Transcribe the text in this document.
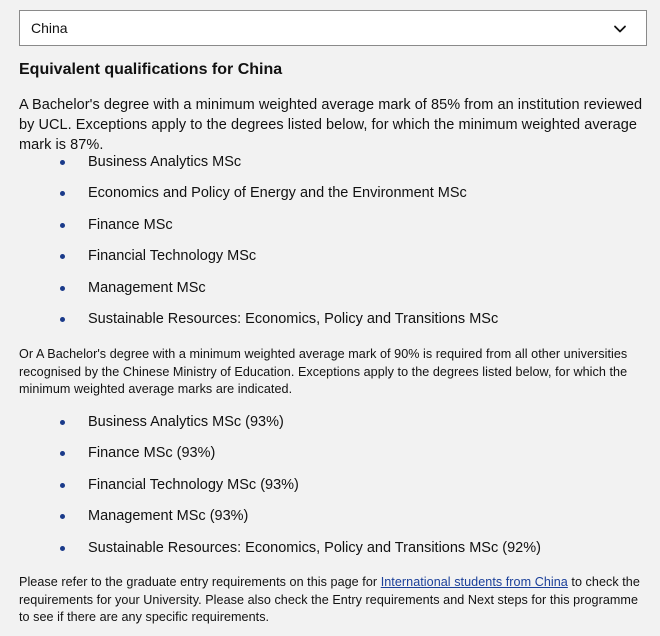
China
Equivalent qualifications for China

A Bachelor's degree with a minimum weighted average mark of 85% from an institution reviewed by UCL. Exceptions apply to the degrees listed below, for which the minimum weighted average mark is 87%.

Business Analytics MSc
Economics and Policy of Energy and the Environment MSc
Finance MSc
Financial Technology MSc
Management MSc
Sustainable Resources: Economics, Policy and Transitions MSc

Or A Bachelor's degree with a minimum weighted average mark of 90% is required from all other universities recognised by the Chinese Ministry of Education. Exceptions apply to the degrees listed below, for which the minimum weighted average marks are indicated.

Business Analytics MSc (93%)
Finance MSc (93%)
Financial Technology MSc (93%)
Management MSc (93%)
Sustainable Resources: Economics, Policy and Transitions MSc (92%)

Please refer to the graduate entry requirements on this page for International students from China to check the requirements for your University. Please also check the Entry requirements and Next steps for this programme to see if there are any specific requirements.
